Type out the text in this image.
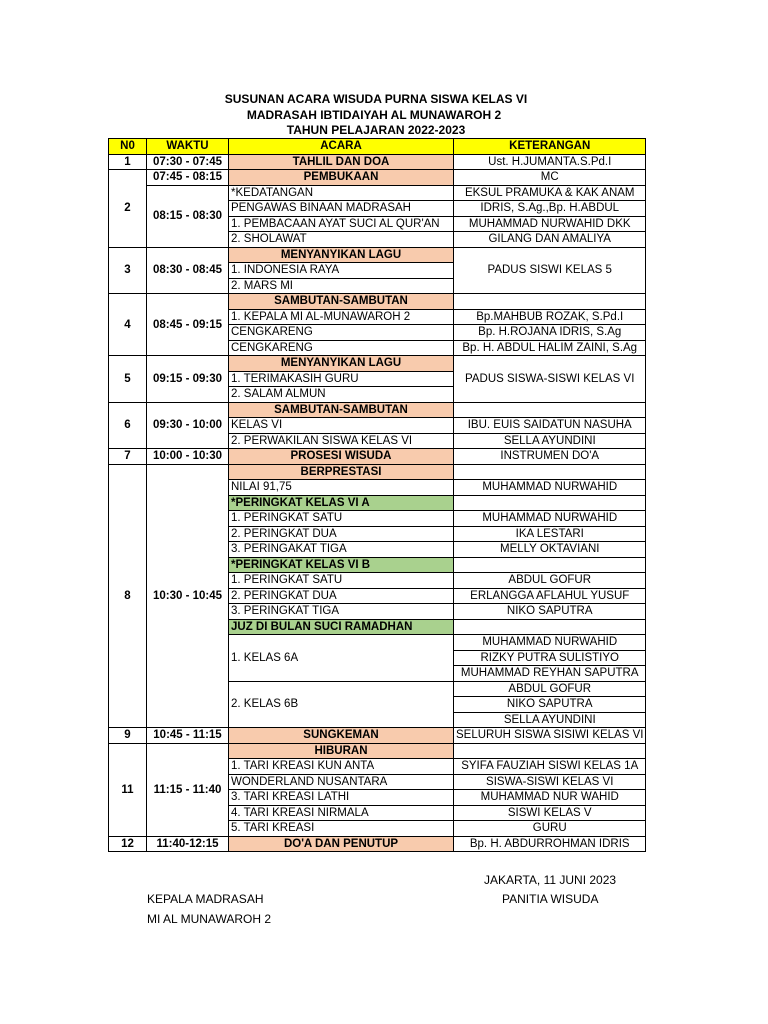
SUSUNAN ACARA WISUDA PURNA SISWA KELAS VI
MADRASAH IBTIDAIYAH AL MUNAWAROH 2
TAHUN PELAJARAN 2022-2023
N0	WAKTU	ACARA	KETERANGAN
1	07:30 - 07:45	TAHLIL DAN DOA	Ust. H.JUMANTA.S.Pd.I
2	07:45 - 08:15	PEMBUKAAN	MC
	08:15 - 08:30	*KEDATANGAN	EKSUL PRAMUKA & KAK ANAM
		PENGAWAS BINAAN MADRASAH	IDRIS, S.Ag.,Bp. H.ABDUL
		1. PEMBACAAN AYAT SUCI AL QUR'AN	MUHAMMAD NURWAHID DKK
		2. SHOLAWAT	GILANG DAN AMALIYA
3	08:30 - 08:45	MENYANYIKAN LAGU	PADUS SISWI KELAS 5
		1. INDONESIA RAYA	
		2. MARS MI	
4	08:45 - 09:15	SAMBUTAN-SAMBUTAN	
		1. KEPALA MI AL-MUNAWAROH 2	Bp.MAHBUB ROZAK, S.Pd.I
		CENGKARENG	Bp. H.ROJANA IDRIS, S.Ag
		CENGKARENG	Bp. H. ABDUL HALIM ZAINI, S.Ag
5	09:15 - 09:30	MENYANYIKAN LAGU	PADUS SISWA-SISWI KELAS VI
		1. TERIMAKASIH GURU	
		2. SALAM ALMUN	
6	09:30 - 10:00	SAMBUTAN-SAMBUTAN	
		KELAS VI	IBU. EUIS SAIDATUN NASUHA
		2. PERWAKILAN SISWA KELAS VI	SELLA AYUNDINI
7	10:00 - 10:30	PROSESI WISUDA	INSTRUMEN DO'A
8	10:30 - 10:45	BERPRESTASI	
		NILAI 91,75	MUHAMMAD NURWAHID
		*PERINGKAT KELAS VI A	
		1. PERINGKAT SATU	MUHAMMAD NURWAHID
		2. PERINGKAT DUA	IKA LESTARI
		3. PERINGAKAT TIGA	MELLY OKTAVIANI
		*PERINGKAT KELAS VI B	
		1. PERINGKAT SATU	ABDUL GOFUR
		2. PERINGKAT DUA	ERLANGGA AFLAHUL YUSUF
		3. PERINGKAT TIGA	NIKO SAPUTRA
		JUZ DI BULAN SUCI RAMADHAN	
		1. KELAS 6A	MUHAMMAD NURWAHID
			RIZKY PUTRA SULISTIYO
			MUHAMMAD REYHAN SAPUTRA
		2. KELAS 6B	ABDUL GOFUR
			NIKO SAPUTRA
			SELLA AYUNDINI
9	10:45 - 11:15	SUNGKEMAN	SELURUH SISWA SISIWI KELAS VI
11	11:15 - 11:40	HIBURAN	
		1. TARI KREASI KUN ANTA	SYIFA FAUZIAH SISWI KELAS 1A
		WONDERLAND NUSANTARA	SISWA-SISWI KELAS VI
		3. TARI KREASI LATHI	MUHAMMAD NUR WAHID
		4. TARI KREASI NIRMALA	SISWI KELAS V
		5. TARI KREASI	GURU
12	11:40-12:15	DO'A DAN PENUTUP	Bp. H. ABDURROHMAN IDRIS
JAKARTA, 11 JUNI 2023
PANITIA WISUDA
KEPALA MADRASAH
MI AL MUNAWAROH 2
